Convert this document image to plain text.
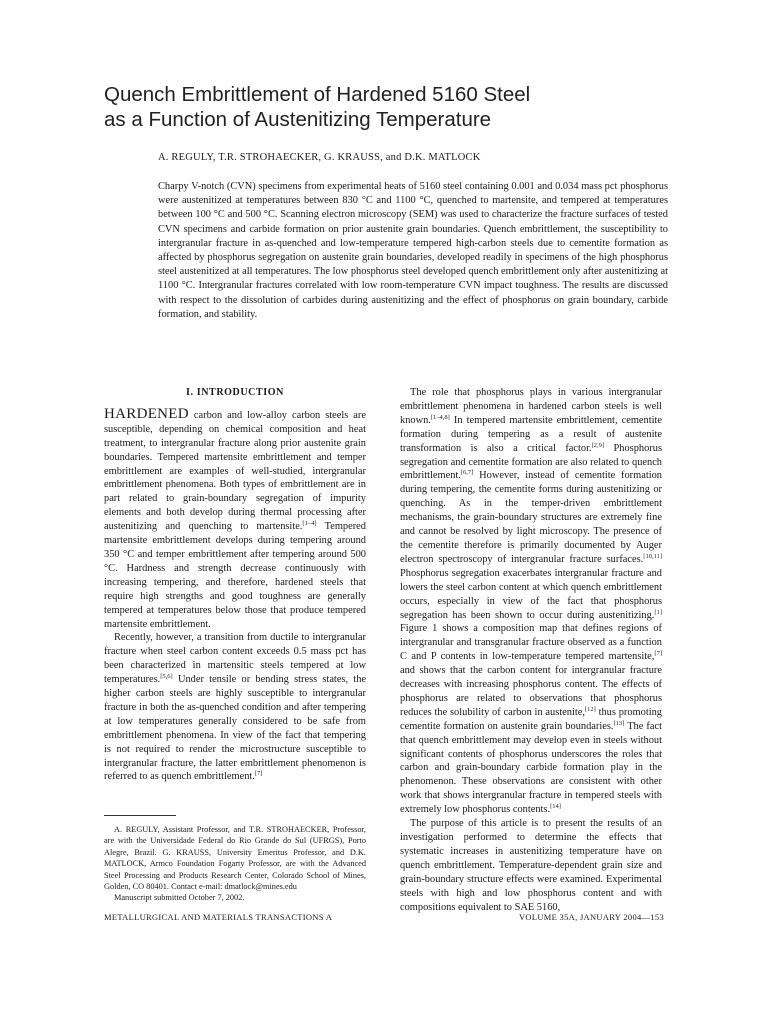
Quench Embrittlement of Hardened 5160 Steel
as a Function of Austenitizing Temperature
A. REGULY, T.R. STROHAECKER, G. KRAUSS, and D.K. MATLOCK
Charpy V-notch (CVN) specimens from experimental heats of 5160 steel containing 0.001 and 0.034 mass pct phosphorus were austenitized at temperatures between 830 °C and 1100 °C, quenched to martensite, and tempered at temperatures between 100 °C and 500 °C. Scanning electron microscopy (SEM) was used to characterize the fracture surfaces of tested CVN specimens and carbide formation on prior austenite grain boundaries. Quench embrittlement, the susceptibility to intergranular fracture in as-quenched and low-temperature tempered high-carbon steels due to cementite formation as affected by phosphorus segregation on austenite grain boundaries, developed readily in specimens of the high phosphorus steel austenitized at all temperatures. The low phosphorus steel developed quench embrittlement only after austenitizing at 1100 °C. Intergranular fractures correlated with low room-temperature CVN impact toughness. The results are discussed with respect to the dissolution of carbides during austenitizing and the effect of phosphorus on grain boundary, carbide formation, and stability.
I. INTRODUCTION

HARDENED carbon and low-alloy carbon steels are susceptible, depending on chemical composition and heat treatment, to intergranular fracture along prior austenite grain boundaries. Tempered martensite embrittlement and temper embrittlement are examples of well-studied, intergranular embrittlement phenomena. Both types of embrittlement are in part related to grain-boundary segregation of impurity elements and both develop during thermal processing after austenitizing and quenching to martensite.[1–4] Tempered martensite embrittlement develops during tempering around 350 °C and temper embrittlement after tempering around 500 °C. Hardness and strength decrease continuously with increasing tempering, and therefore, hardened steels that require high strengths and good toughness are generally tempered at temperatures below those that produce tempered martensite embrittlement.

Recently, however, a transition from ductile to intergranular fracture when steel carbon content exceeds 0.5 mass pct has been characterized in martensitic steels tempered at low temperatures.[5,6] Under tensile or bending stress states, the higher carbon steels are highly susceptible to intergranular fracture in both the as-quenched condition and after tempering at low temperatures generally considered to be safe from embrittlement phenomena. In view of the fact that tempering is not required to render the microstructure susceptible to intergranular fracture, the latter embrittlement phenomenon is referred to as quench embrittlement.[7]

The role that phosphorus plays in various intergranular embrittlement phenomena in hardened carbon steels is well known.[1–4,8] In tempered martensite embrittlement, cementite formation during tempering as a result of austenite transformation is also a critical factor.[2,9] Phosphorus segregation and cementite formation are also related to quench embrittlement.[6,7] However, instead of cementite formation during tempering, the cementite forms during austenitizing or quenching. As in the temper-driven embrittlement mechanisms, the grain-boundary structures are extremely fine and cannot be resolved by light microscopy. The presence of the cementite therefore is primarily documented by Auger electron spectroscopy of intergranular fracture surfaces.[10,11] Phosphorus segregation exacerbates intergranular fracture and lowers the steel carbon content at which quench embrittlement occurs, especially in view of the fact that phosphorus segregation has been shown to occur during austenitizing.[1] Figure 1 shows a composition map that defines regions of intergranular and transgranular fracture observed as a function C and P contents in low-temperature tempered martensite,[7] and shows that the carbon content for intergranular fracture decreases with increasing phosphorus content. The effects of phosphorus are related to observations that phosphorus reduces the solubility of carbon in austenite,[12] thus promoting cementite formation on austenite grain boundaries.[13] The fact that quench embrittlement may develop even in steels without significant contents of phosphorus underscores the roles that carbon and grain-boundary carbide formation play in the phenomenon. These observations are consistent with other work that shows intergranular fracture in tempered steels with extremely low phosphorus contents.[14]

The purpose of this article is to present the results of an investigation performed to determine the effects that systematic increases in austenitizing temperature have on quench embrittlement. Temperature-dependent grain size and grain-boundary structure effects were examined. Experimental steels with high and low phosphorus content and with compositions equivalent to SAE 5160,

A. REGULY, Assistant Professor, and T.R. STROHAECKER, Professor, are with the Universidade Federal do Rio Grande do Sul (UFRGS), Porto Alegre, Brazil. G. KRAUSS, University Emeritus Professor, and D.K. MATLOCK, Armco Foundation Fogarty Professor, are with the Advanced Steel Processing and Products Research Center, Colorado School of Mines, Golden, CO 80401. Contact e-mail: dmatlock@mines.edu

Manuscript submitted October 7, 2002.

METALLURGICAL AND MATERIALS TRANSACTIONS A	VOLUME 35A, JANUARY 2004—153
